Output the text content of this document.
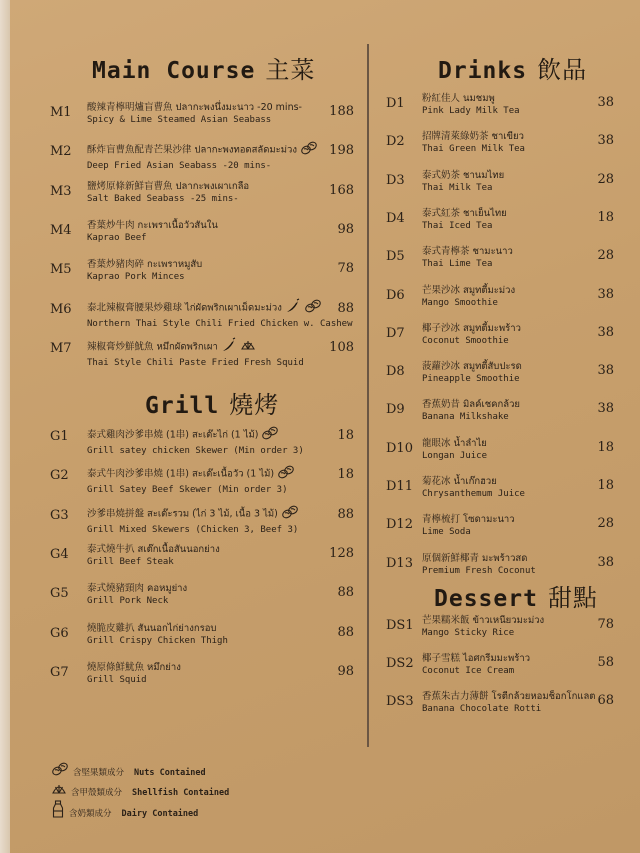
Main Course 主菜
M1 酸辣青檸明爐盲曹魚 ปลากะพงนึ่งมะนาว -20 mins-
Spicy & Lime Steamed Asian Seabass
188
M2 酥炸盲曹魚配青芒果沙律 ปลากะพงทอดสลัดมะม่วง
Deep Fried Asian Seabass -20 mins-
198
M3 鹽烤原條新鮮盲曹魚 ปลากะพงเผาเกลือ
Salt Baked Seabass -25 mins-
168
M4 香葉炒牛肉 กะเพราเนื้อวัวสันใน
Kaprao Beef
98
M5 香葉炒豬肉碎 กะเพราหมูสับ
Kaprao Pork Minces
78
M6 泰北辣椒膏腰果炒雞球 ไก่ผัดพริกเผาเม็ดมะม่วง
Northern Thai Style Chili Fried Chicken w. Cashew
88
M7 辣椒膏炒鮮魷魚 หมึกผัดพริกเผา
Thai Style Chili Paste Fried Fresh Squid
108
Grill 燒烤
G1 泰式雞肉沙爹串燒 (1串) สะเต๊ะไก่ (1 ไม้)
Grill satey chicken Skewer (Min order 3)
18
G2 泰式牛肉沙爹串燒 (1串) สะเต๊ะเนื้อวัว (1 ไม้)
Grill Satey Beef Skewer (Min order 3)
18
G3 沙爹串燒拼盤 สะเต๊ะรวม (ไก่ 3 ไม้, เนื้อ 3 ไม้)
Grill Mixed Skewers (Chicken 3, Beef 3)
88
G4 泰式燒牛扒 สเต๊กเนื้อสันนอกย่าง
Grill Beef Steak
128
G5 泰式燒豬頸肉 คอหมูย่าง
Grill Pork Neck
88
G6 燒脆皮雞扒 สันนอกไก่ย่างกรอบ
Grill Crispy Chicken Thigh
88
G7 燒原條鮮魷魚 หมึกย่าง
Grill Squid
98
Drinks 飲品
D1 粉紅佳人 นมชมพู
Pink Lady Milk Tea
38
D2 招牌清萊綠奶茶 ชาเขียว
Thai Green Milk Tea
38
D3 泰式奶茶 ชานมไทย
Thai Milk Tea
28
D4 泰式紅茶 ชาเย็นไทย
Thai Iced Tea
18
D5 泰式青檸茶 ชามะนาว
Thai Lime Tea
28
D6 芒果沙冰 สมูทตี้มะม่วง
Mango Smoothie
38
D7 椰子沙冰 สมูทตี้มะพร้าว
Coconut Smoothie
38
D8 菠蘿沙冰 สมูทตี้สับปะรด
Pineapple Smoothie
38
D9 香蕉奶昔 มิลค์เชคกล้วย
Banana Milkshake
38
D10 龍眼冰 น้ำลำไย
Longan Juice
18
D11 菊花冰 น้ำเก๊กฮวย
Chrysanthemum Juice
18
D12 青檸梳打 โซดามะนาว
Lime Soda
28
D13 原個新鮮椰青 มะพร้าวสด
Premium Fresh Coconut
38
Dessert 甜點
DS1 芒果糯米飯 ข้าวเหนียวมะม่วง
Mango Sticky Rice
78
DS2 椰子雪糕 ไอศกรีมมะพร้าว
Coconut Ice Cream
58
DS3 香蕉朱古力薄餅 โรตีกล้วยหอมช็อกโกแลต
Banana Chocolate Rotti
68
含堅果類成分 Nuts Contained
含甲殼類成分 Shellfish Contained
含奶類成分 Dairy Contained
